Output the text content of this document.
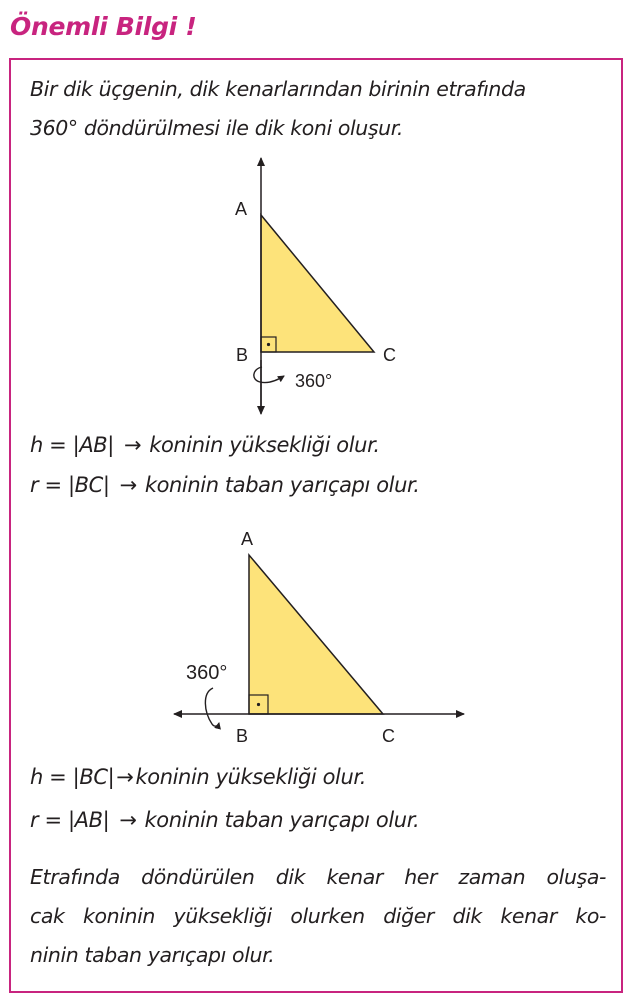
Önemli Bilgi !
Bir dik üçgenin, dik kenarlarından birinin etrafında
360° döndürülmesi ile dik koni oluşur.
A
B	C
360°
A
B	C
360°
h = |AB| → koninin yüksekliği olur.
r = |BC| → koninin taban yarıçapı olur.
h = |BC|→koninin yüksekliği olur.
r = |AB| → koninin taban yarıçapı olur.
Etrafında döndürülen dik kenar her zaman oluşa-
cak koninin yüksekliği olurken diğer dik kenar ko-
ninin taban yarıçapı olur.
